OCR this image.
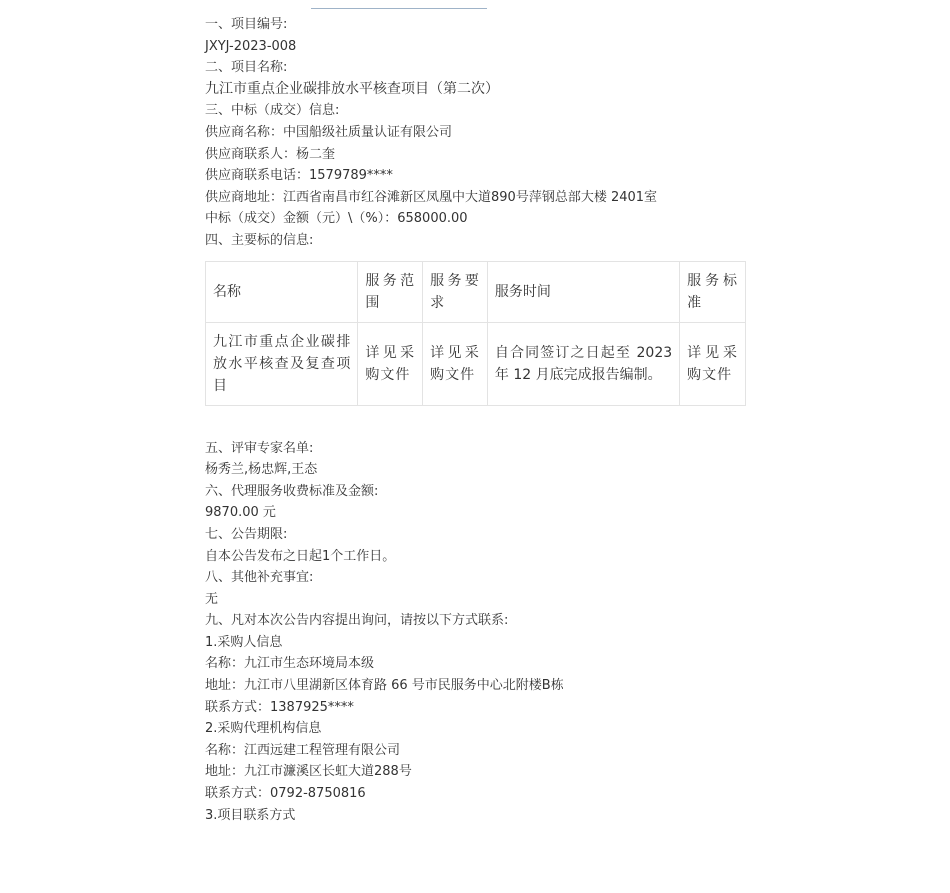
一、项目编号:
JXYJ-2023-008
二、项目名称:
九江市重点企业碳排放水平核查项目（第二次）
三、中标（成交）信息:
供应商名称：中国船级社质量认证有限公司
供应商联系人：杨二奎
供应商联系电话：1579789****
供应商地址：江西省南昌市红谷滩新区凤凰中大道890号萍钢总部大楼 2401室
中标（成交）金额（元）\（%）：658000.00
四、主要标的信息:
名称	服务范围	服务要求	服务时间	服务标准
九江市重点企业碳排放水平核查及复查项目	详见采购文件	详见采购文件	自合同签订之日起至 2023年 12 月底完成报告编制。	详见采购文件
五、评审专家名单:
杨秀兰,杨忠辉,王态
六、代理服务收费标准及金额:
9870.00 元
七、公告期限:
自本公告发布之日起1个工作日。
八、其他补充事宜:
无
九、凡对本次公告内容提出询问，请按以下方式联系:
1.采购人信息
名称：九江市生态环境局本级
地址：九江市八里湖新区体育路 66 号市民服务中心北附楼B栋
联系方式：1387925****
2.采购代理机构信息
名称：江西远建工程管理有限公司
地址：九江市濂溪区长虹大道288号
联系方式：0792-8750816
3.项目联系方式
